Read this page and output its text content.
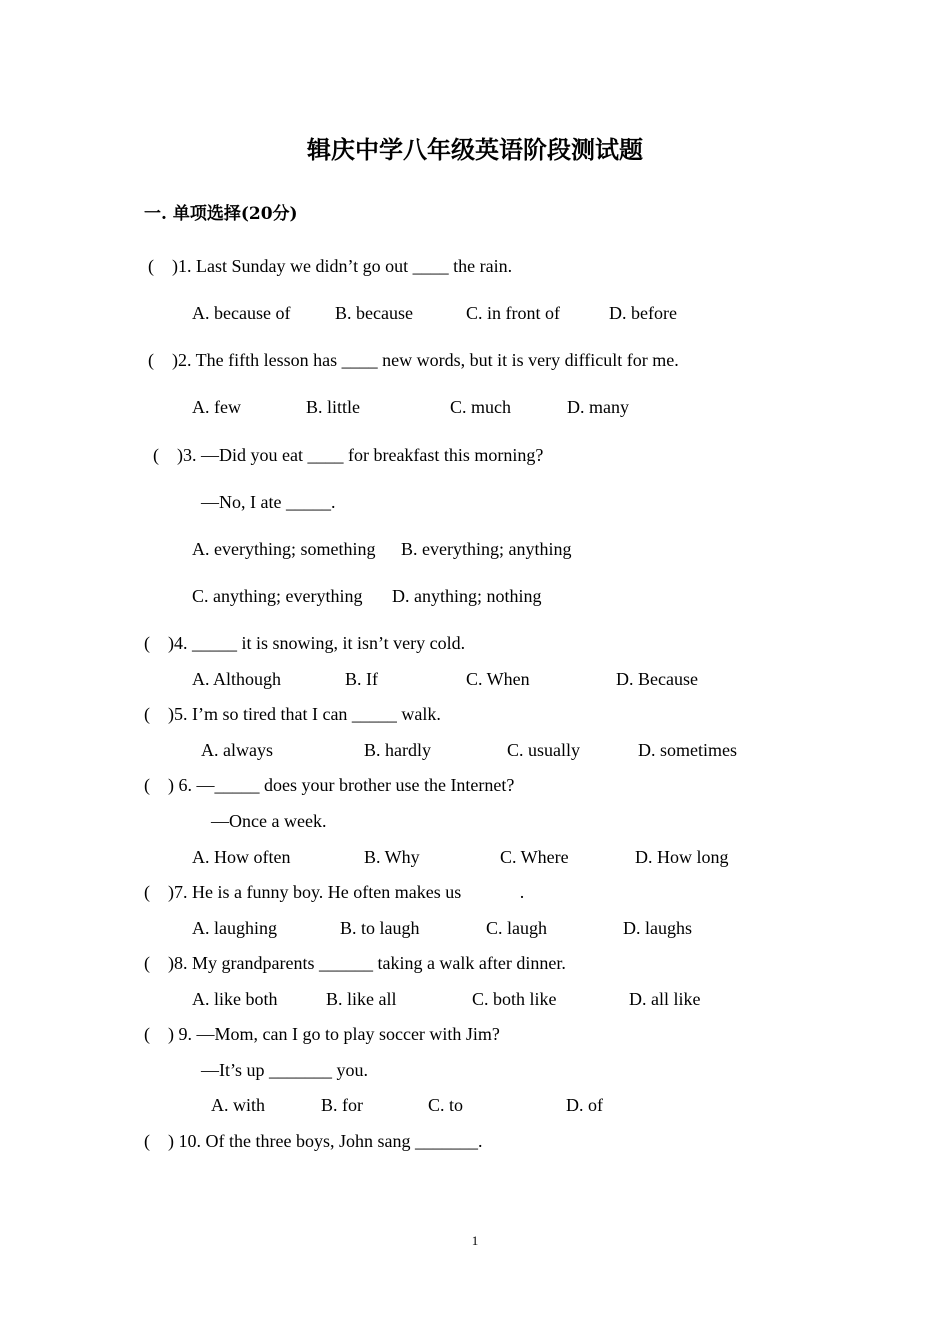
辑庆中学八年级英语阶段测试题
一. 单项选择(20分)
(    )1. Last Sunday we didn’t go out ____ the rain.
A. because of B. because	C. in front of	D. before
(    )2. The fifth lesson has ____ new words, but it is very difficult for me.
A. few	B. little	C. much	D. many
(    )3. —Did you eat ____ for breakfast this morning?
—No, I ate _____.
A. everything; something B. everything; anything
C. anything; everything D. anything; nothing
(    )4. _____ it is snowing, it isn’t very cold.
A. Although	B. If	C. When	D. Because
(    )5. I’m so tired that I can _____ walk.
A. always	B. hardly	C. usually	D. sometimes
(    ) 6. —_____ does your brother use the Internet?
—Once a week.
A. How often	B. Why	C. Where	D. How long
(    )7. He is a funny boy. He often makes us             .
A. laughing	B. to laugh	C. laugh	D. laughs
(    )8. My grandparents ______ taking a walk after dinner.
A. like both	B. like all	C. both like	D. all like
(    ) 9. —Mom, can I go to play soccer with Jim?
—It’s up _______ you.
A. with	B. for	C. to	D. of
(    ) 10. Of the three boys, John sang _______.
1
